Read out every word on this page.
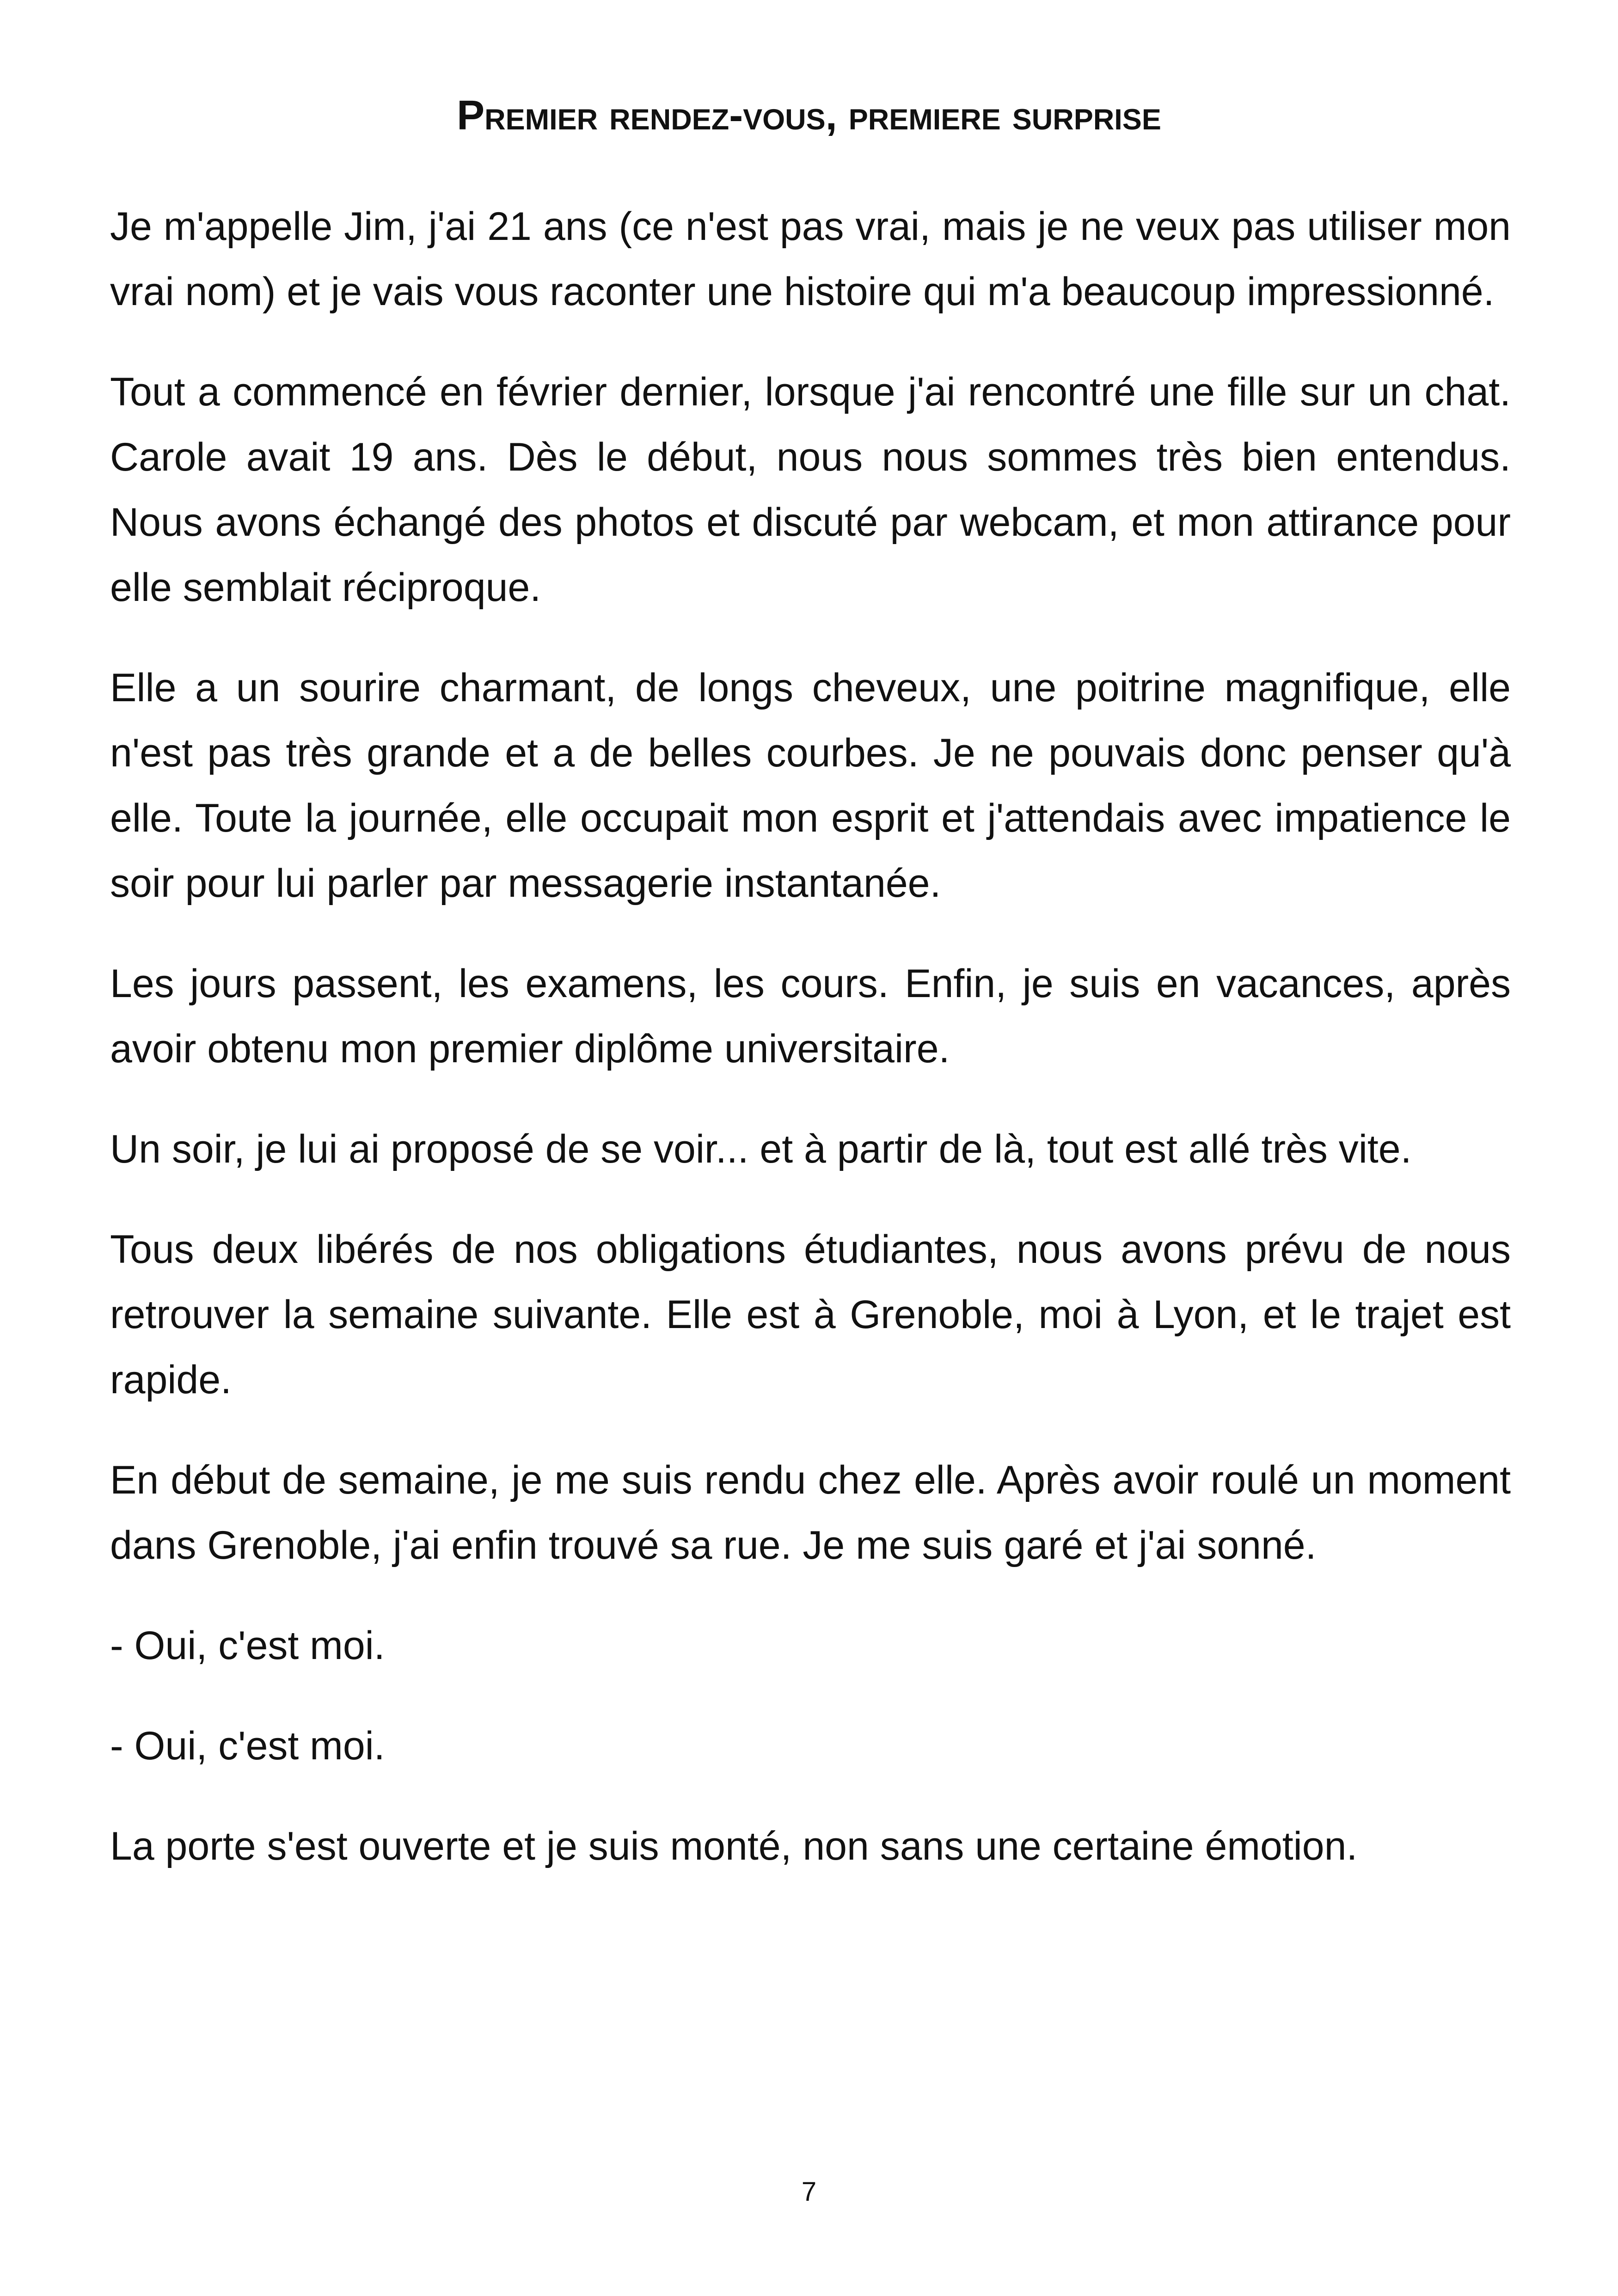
Premier rendez-vous, premiere surprise

Je m'appelle Jim, j'ai 21 ans (ce n'est pas vrai, mais je ne veux pas utiliser mon vrai nom) et je vais vous raconter une histoire qui m'a beaucoup impressionné.

Tout a commencé en février dernier, lorsque j'ai rencontré une fille sur un chat. Carole avait 19 ans. Dès le début, nous nous sommes très bien entendus. Nous avons échangé des photos et discuté par webcam, et mon attirance pour elle semblait réciproque.

Elle a un sourire charmant, de longs cheveux, une poitrine magnifique, elle n'est pas très grande et a de belles courbes. Je ne pouvais donc penser qu'à elle. Toute la journée, elle occupait mon esprit et j'attendais avec impatience le soir pour lui parler par messagerie instantanée.

Les jours passent, les examens, les cours. Enfin, je suis en vacances, après avoir obtenu mon premier diplôme universitaire.

Un soir, je lui ai proposé de se voir... et à partir de là, tout est allé très vite.

Tous deux libérés de nos obligations étudiantes, nous avons prévu de nous retrouver la semaine suivante. Elle est à Grenoble, moi à Lyon, et le trajet est rapide.

En début de semaine, je me suis rendu chez elle. Après avoir roulé un moment dans Grenoble, j'ai enfin trouvé sa rue. Je me suis garé et j'ai sonné.

- Oui, c'est moi.

- Oui, c'est moi.

La porte s'est ouverte et je suis monté, non sans une certaine émotion.

7
